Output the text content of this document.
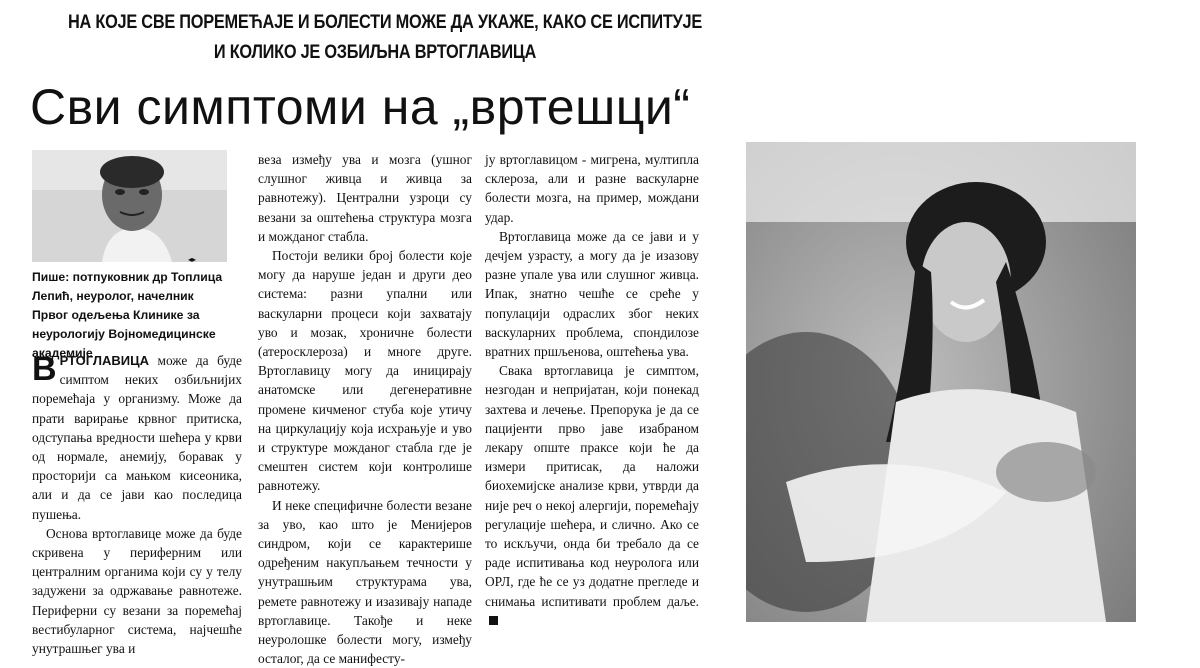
НА КОЈЕ СВЕ ПОРЕМЕЋАЈЕ И БОЛЕСТИ МОЖЕ ДА УКАЖЕ, КАКО СЕ ИСПИТУЈЕ
И КОЛИКО ЈЕ ОЗБИЉНА ВРТОГЛАВИЦА
Сви симптоми на „вртешци“
◂▸
Пише: потпуковник др Топлица Лепић, неуролог, начелник Првог одељења Клинике за неурологију Војномедицинске академије

ВРТОГЛАВИЦА може да буде симптом неких озбиљнијих поремећаја у организму. Може да прати варирање крвног притиска, одступања вредности шећера у крви од нормале, анемију, боравак у просторији са мањком кисеоника, али и да се јави као последица пушења.

Основа вртоглавице може да буде скривена у периферним или централним органима који су у телу задужени за одржавање равнотеже. Периферни су везани за поремећај вестибуларног система, најчешће унутрашњег ува и

веза између ува и мозга (ушног слушног живца и живца за равнотежу). Централни узроци су везани за оштећења структура мозга и можданог стабла.

Постоји велики број болести које могу да наруше један и други део система: разни упални или васкуларни процеси који захватају уво и мозак, хроничне болести (атеросклероза) и многе друге. Вртоглавицу могу да иницирају анатомске или дегенеративне промене кичменог стуба које утичу на циркулацију која исхрањује и уво и структуре можданог стабла где је смештен систем који контролише равнотежу.

И неке специфичне болести везане за уво, као што је Менијеров синдром, који се карактерише одређеним накупљањем течности у унутрашњим структурама ува, ремете равнотежу и изазивају нападе вртоглавице. Такође и неке неуролошке болести могу, између осталог, да се манифесту-

ју вртоглавицом - мигрена, мултипла склероза, али и разне васкуларне болести мозга, на пример, мождани удар.

Вртоглавица може да се јави и у дечјем узрасту, а могу да је изазову разне упале ува или слушног живца. Ипак, знатно чешће се среће у популацији одраслих због неких васкуларних проблема, спондилозе вратних пршљенова, оштећења ува.

Свака вртоглавица је симптом, незгодан и непријатан, који понекад захтева и лечење. Препорука је да се пацијенти прво јаве изабраном лекару опште праксе који ће да измери притисак, да наложи биохемијске анализе крви, утврди да није реч о некој алергији, поремећају регулације шећера, и слично. Ако се то искључи, онда би требало да се раде испитивања код неуролога или ОРЛ, где ће се уз додатне прегледе и снимања испитивати проблем даље.
